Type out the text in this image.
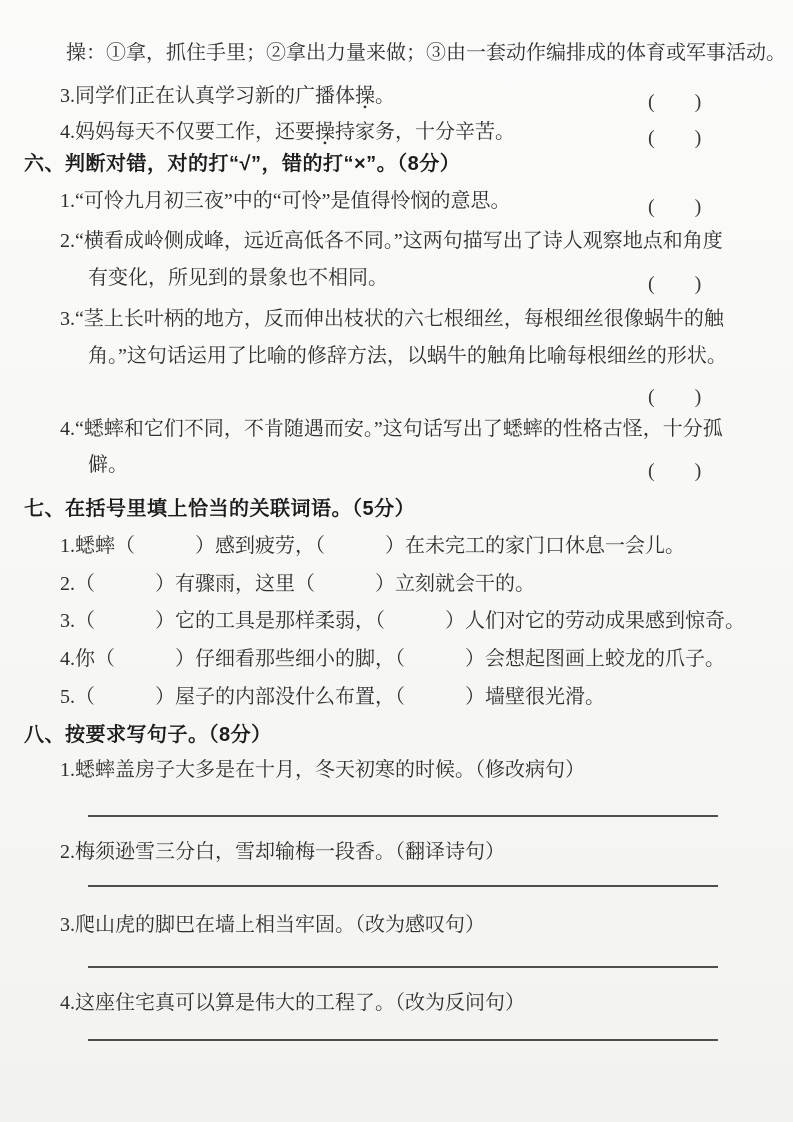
操：①拿，抓住手里；②拿出力量来做；③由一套动作编排成的体育或军事活动。
3.同学们正在认真学习新的广播体操。	(　　)
4.妈妈每天不仅要工作，还要操持家务，十分辛苦。	(　　)
六、判断对错，对的打“√”，错的打“×”。（8分）
1.“可怜九月初三夜”中的“可怜”是值得怜悯的意思。	(　　)
2.“横看成岭侧成峰，远近高低各不同。”这两句描写出了诗人观察地点和角度
有变化，所见到的景象也不相同。	(　　)
3.“茎上长叶柄的地方，反而伸出枝状的六七根细丝，每根细丝很像蜗牛的触
角。”这句话运用了比喻的修辞方法，以蜗牛的触角比喻每根细丝的形状。
(　　)
4.“蟋蟀和它们不同，不肯随遇而安。”这句话写出了蟋蟀的性格古怪，十分孤
僻。	(　　)
七、在括号里填上恰当的关联词语。（5分）
1.蟋蟀（　　　）感到疲劳，（　　　）在未完工的家门口休息一会儿。
2.（　　　）有骤雨，这里（　　　）立刻就会干的。
3.（　　　）它的工具是那样柔弱，（　　　）人们对它的劳动成果感到惊奇。
4.你（　　　）仔细看那些细小的脚，（　　　）会想起图画上蛟龙的爪子。
5.（　　　）屋子的内部没什么布置，（　　　）墙壁很光滑。
八、按要求写句子。（8分）
1.蟋蟀盖房子大多是在十月，冬天初寒的时候。（修改病句）
2.梅须逊雪三分白，雪却输梅一段香。（翻译诗句）
3.爬山虎的脚巴在墙上相当牢固。（改为感叹句）
4.这座住宅真可以算是伟大的工程了。（改为反问句）
